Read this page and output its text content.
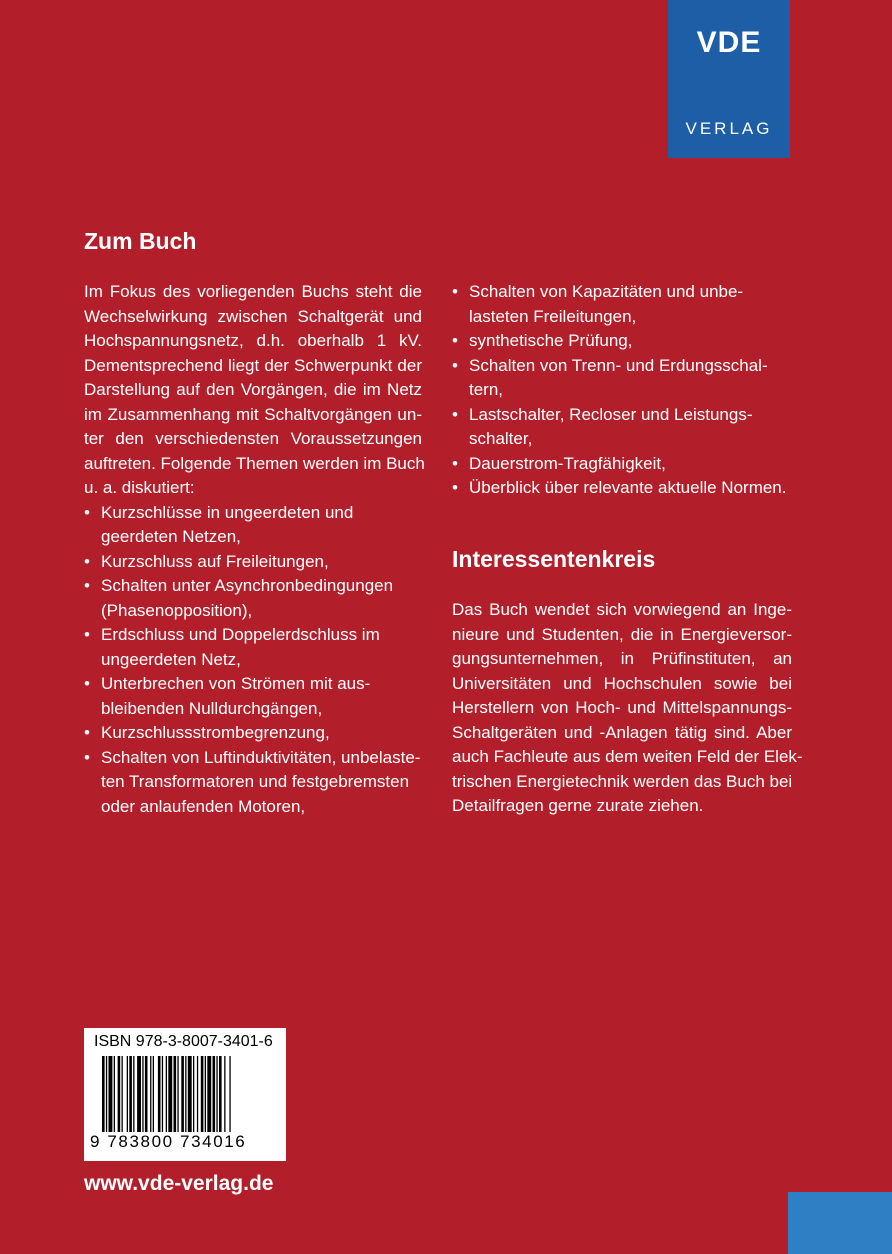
VDE
VERLAG
Zum Buch
Im Fokus des vorliegenden Buchs steht die
Wechselwirkung zwischen Schaltgerät und
Hochspannungsnetz, d.h. oberhalb 1 kV.
Dementsprechend liegt der Schwerpunkt der
Darstellung auf den Vorgängen, die im Netz
im Zusammenhang mit Schaltvorgängen un-
ter den verschiedensten Voraussetzungen
auftreten. Folgende Themen werden im Buch
u. a. diskutiert:
• Kurzschlüsse in ungeerdeten und
geerdeten Netzen,
• Kurzschluss auf Freileitungen,
• Schalten unter Asynchronbedingungen
(Phasenopposition),
• Erdschluss und Doppelerdschluss im
ungeerdeten Netz,
• Unterbrechen von Strömen mit aus-
bleibenden Nulldurchgängen,
• Kurzschlussstrombegrenzung,
• Schalten von Luftinduktivitäten, unbelaste-
ten Transformatoren und festgebremsten
oder anlaufenden Motoren,
• Schalten von Kapazitäten und unbe-
lasteten Freileitungen,
• synthetische Prüfung,
• Schalten von Trenn- und Erdungsschal-
tern,
• Lastschalter, Recloser und Leistungs-
schalter,
• Dauerstrom-Tragfähigkeit,
• Überblick über relevante aktuelle Normen.
Interessentenkreis
Das Buch wendet sich vorwiegend an Inge-
nieure und Studenten, die in Energieversor-
gungsunternehmen, in Prüfinstituten, an
Universitäten und Hochschulen sowie bei
Herstellern von Hoch- und Mittelspannungs-
Schaltgeräten und -Anlagen tätig sind. Aber
auch Fachleute aus dem weiten Feld der Elek-
trischen Energietechnik werden das Buch bei
Detailfragen gerne zurate ziehen.
ISBN 978-3-8007-3401-6
9 783800 734016
www.vde-verlag.de
